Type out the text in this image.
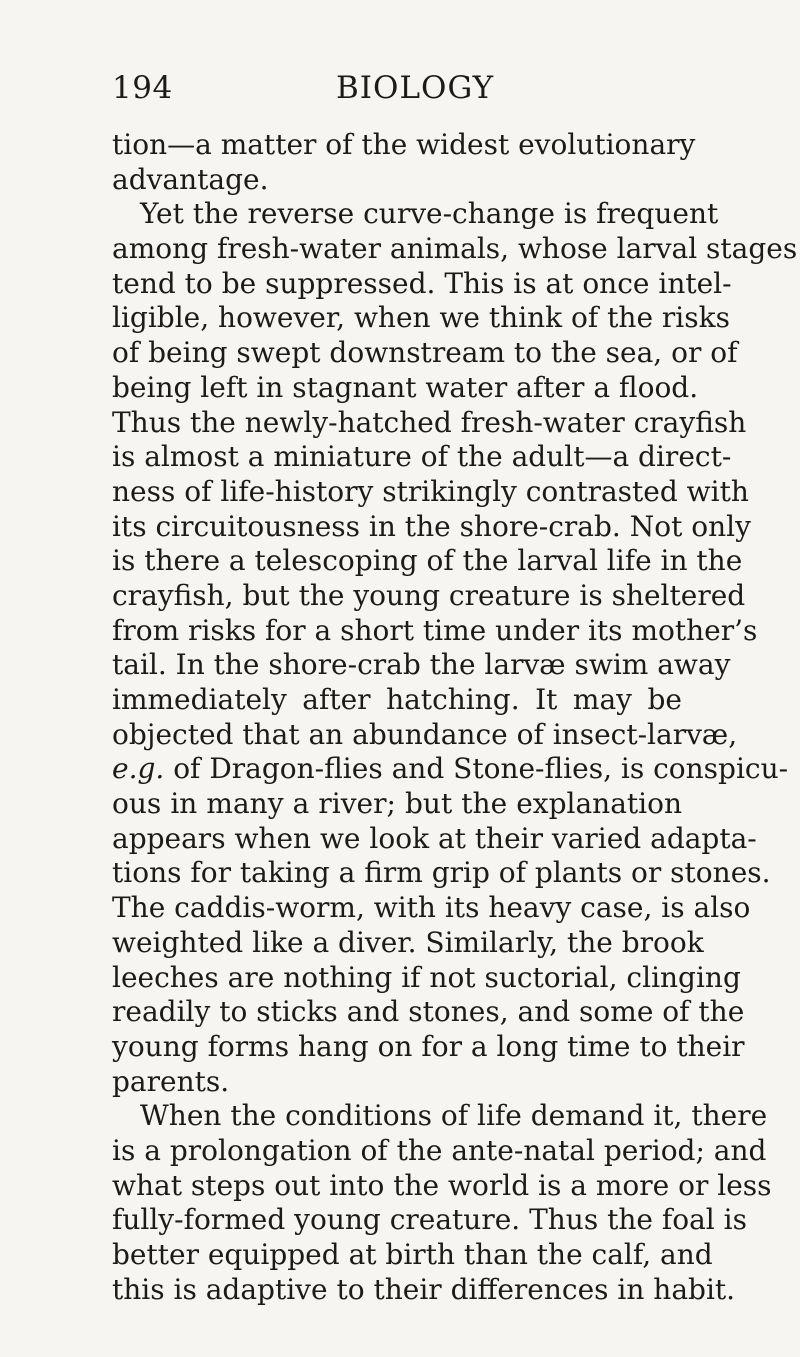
194	BIOLOGY
tion—a matter of the widest evolutionary
advantage.
Yet the reverse curve-change is frequent
among fresh-water animals, whose larval stages
tend to be suppressed. This is at once intel-
ligible, however, when we think of the risks
of being swept downstream to the sea, or of
being left in stagnant water after a flood.
Thus the newly-hatched fresh-water crayfish
is almost a miniature of the adult—a direct-
ness of life-history strikingly contrasted with
its circuitousness in the shore-crab. Not only
is there a telescoping of the larval life in the
crayfish, but the young creature is sheltered
from risks for a short time under its mother’s
tail. In the shore-crab the larvæ swim away
immediately after hatching. It may be
objected that an abundance of insect-larvæ,
e.g. of Dragon-flies and Stone-flies, is conspicu-
ous in many a river; but the explanation
appears when we look at their varied adapta-
tions for taking a firm grip of plants or stones.
The caddis-worm, with its heavy case, is also
weighted like a diver. Similarly, the brook
leeches are nothing if not suctorial, clinging
readily to sticks and stones, and some of the
young forms hang on for a long time to their
parents.
When the conditions of life demand it, there
is a prolongation of the ante-natal period; and
what steps out into the world is a more or less
fully-formed young creature. Thus the foal is
better equipped at birth than the calf, and
this is adaptive to their differences in habit.
